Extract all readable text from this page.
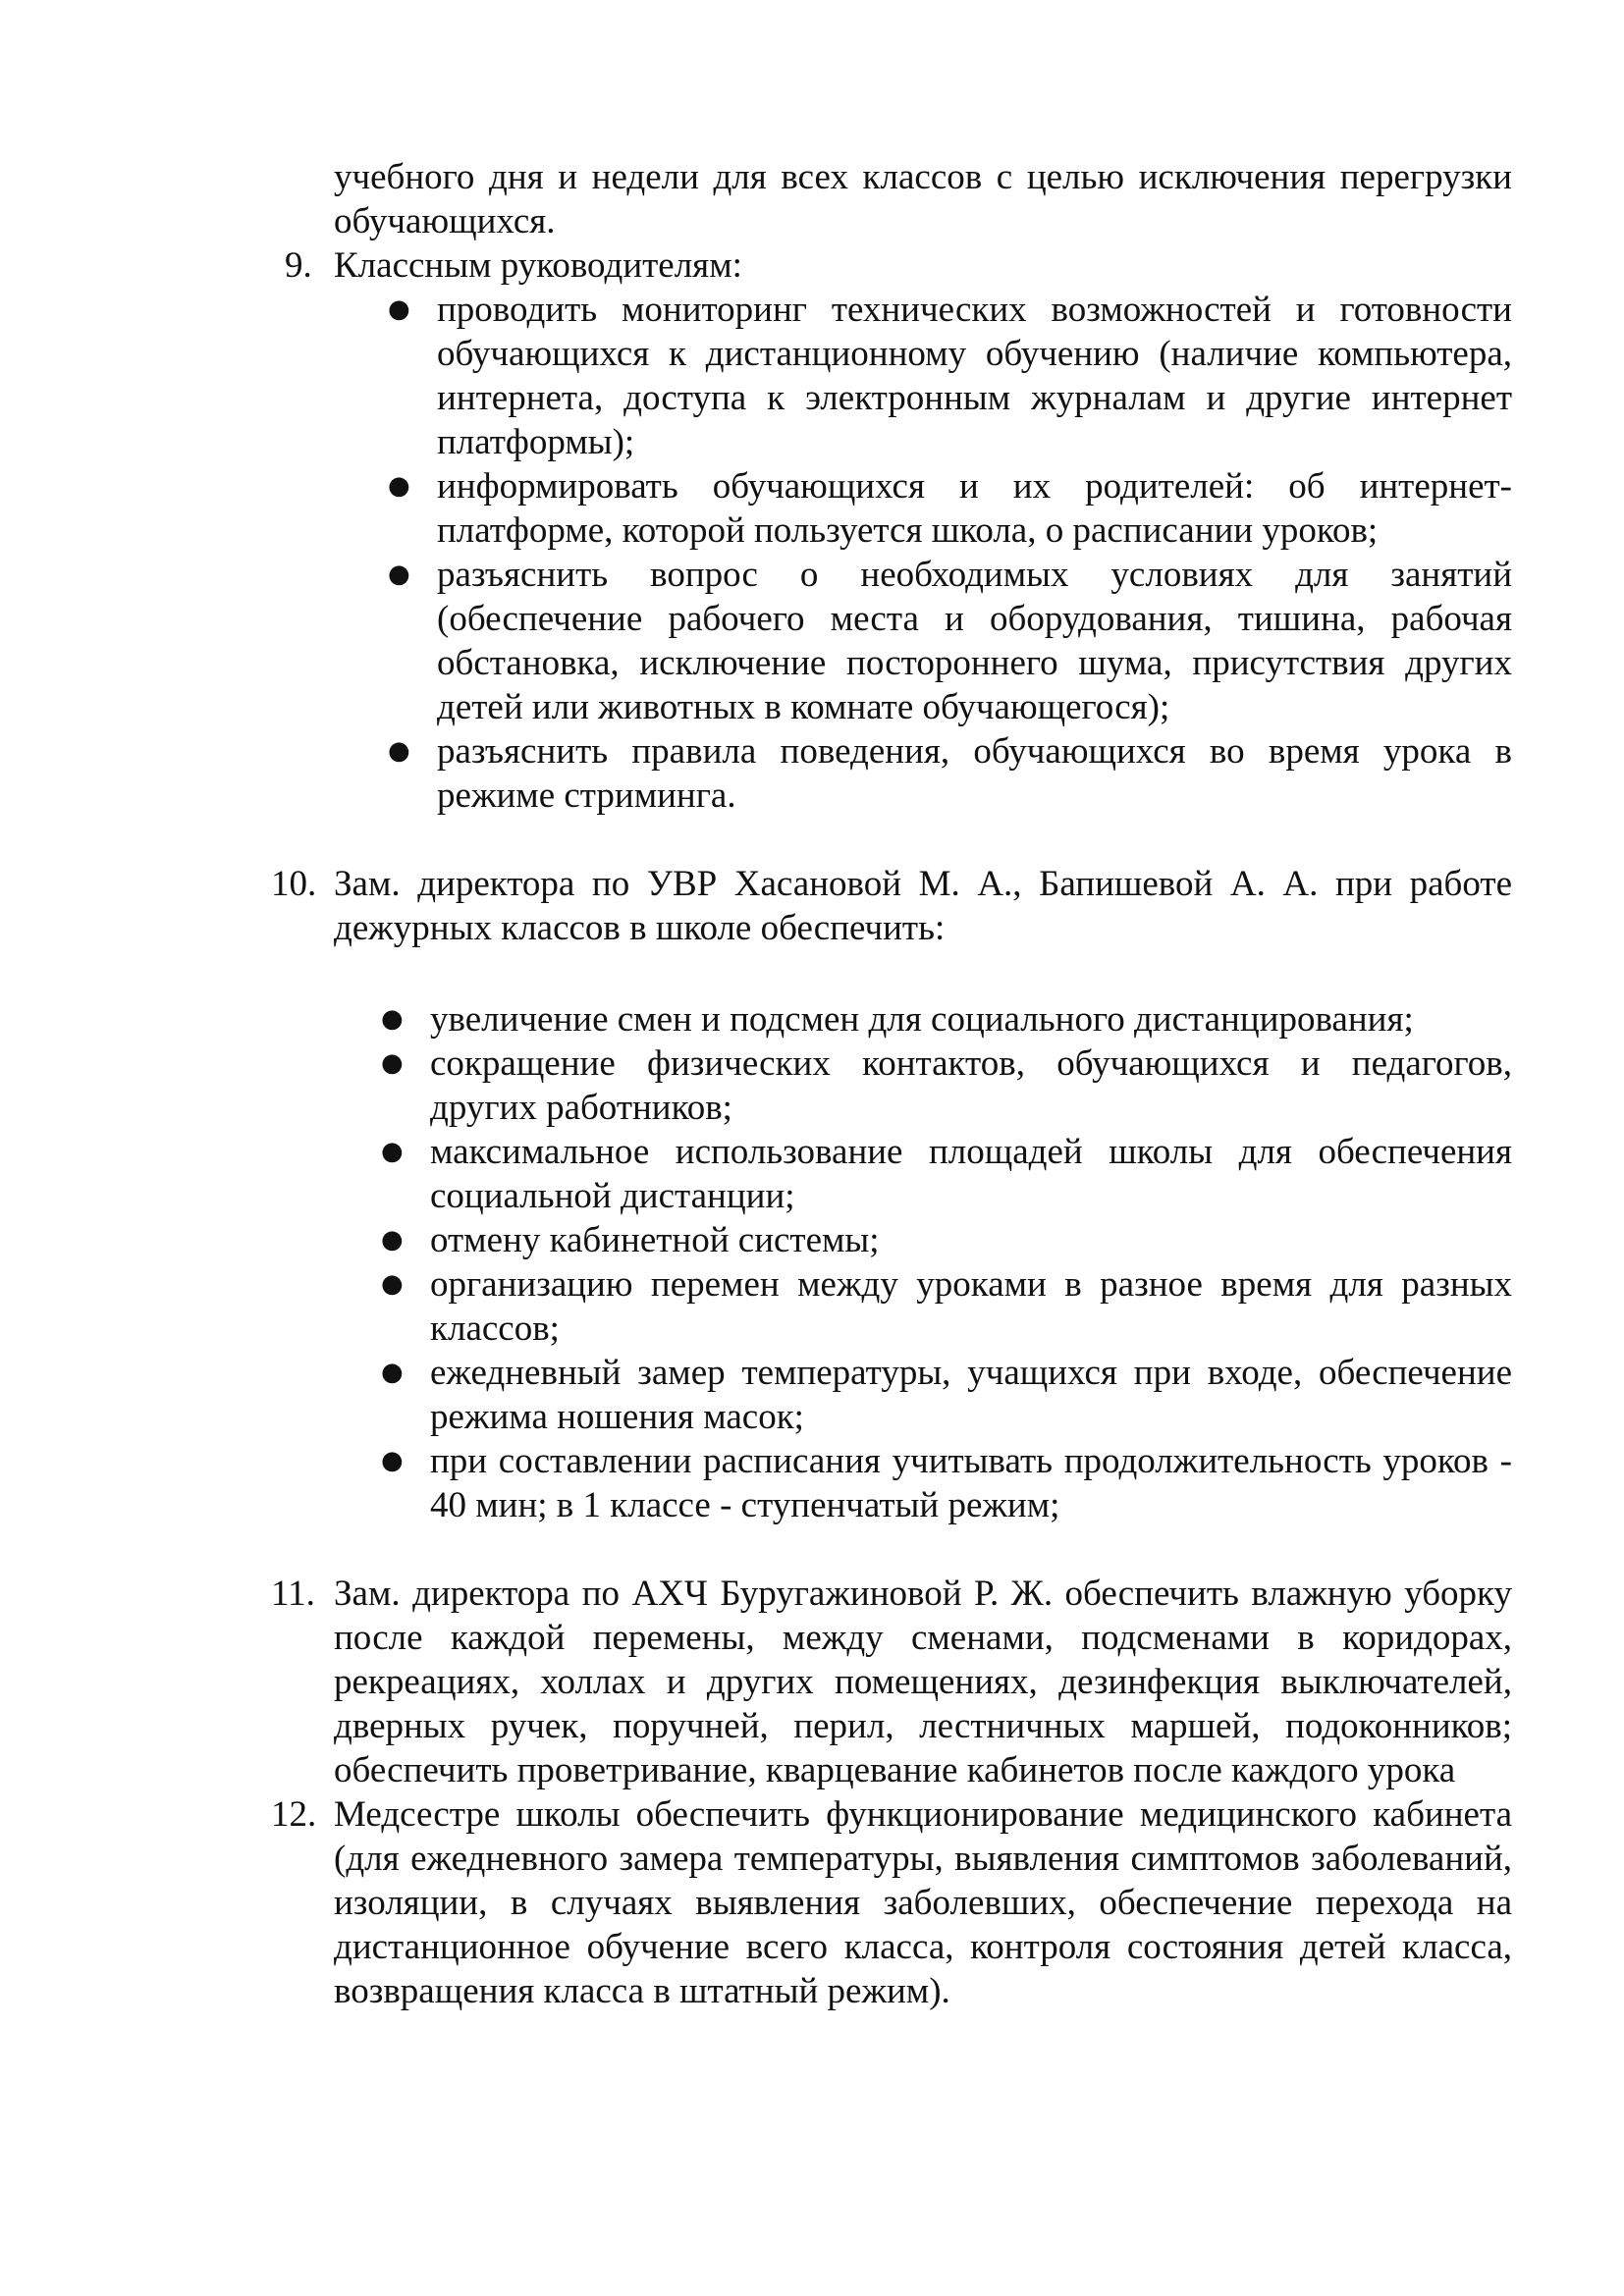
учебного дня и недели для всех классов с целью исключения перегрузки обучающихся.
9. Классным руководителям:
● проводить мониторинг технических возможностей и готовности обучающихся к дистанционному обучению (наличие компьютера, интернета, доступа к электронным журналам и другие интернет платформы);
● информировать обучающихся и их родителей: об интернет-платформе, которой пользуется школа, о расписании уроков;
● разъяснить вопрос о необходимых условиях для занятий (обеспечение рабочего места и оборудования, тишина, рабочая обстановка, исключение постороннего шума, присутствия других детей или животных в комнате обучающегося);
● разъяснить правила поведения, обучающихся во время урока в режиме стриминга.
10. Зам. директора по УВР Хасановой М. А., Бапишевой А. А. при работе дежурных классов в школе обеспечить:
● увеличение смен и подсмен для социального дистанцирования;
● сокращение физических контактов, обучающихся и педагогов, других работников;
● максимальное использование площадей школы для обеспечения социальной дистанции;
● отмену кабинетной системы;
● организацию перемен между уроками в разное время для разных классов;
● ежедневный замер температуры, учащихся при входе, обеспечение режима ношения масок;
● при составлении расписания учитывать продолжительность уроков - 40 мин; в 1 классе - ступенчатый режим;
11. Зам. директора по АХЧ Буругажиновой Р. Ж. обеспечить влажную уборку после каждой перемены, между сменами, подсменами в коридорах, рекреациях, холлах и других помещениях, дезинфекция выключателей, дверных ручек, поручней, перил, лестничных маршей, подоконников; обеспечить проветривание, кварцевание кабинетов после каждого урока
12. Медсестре школы обеспечить функционирование медицинского кабинета (для ежедневного замера температуры, выявления симптомов заболеваний, изоляции, в случаях выявления заболевших, обеспечение перехода на дистанционное обучение всего класса, контроля состояния детей класса, возвращения класса в штатный режим).
